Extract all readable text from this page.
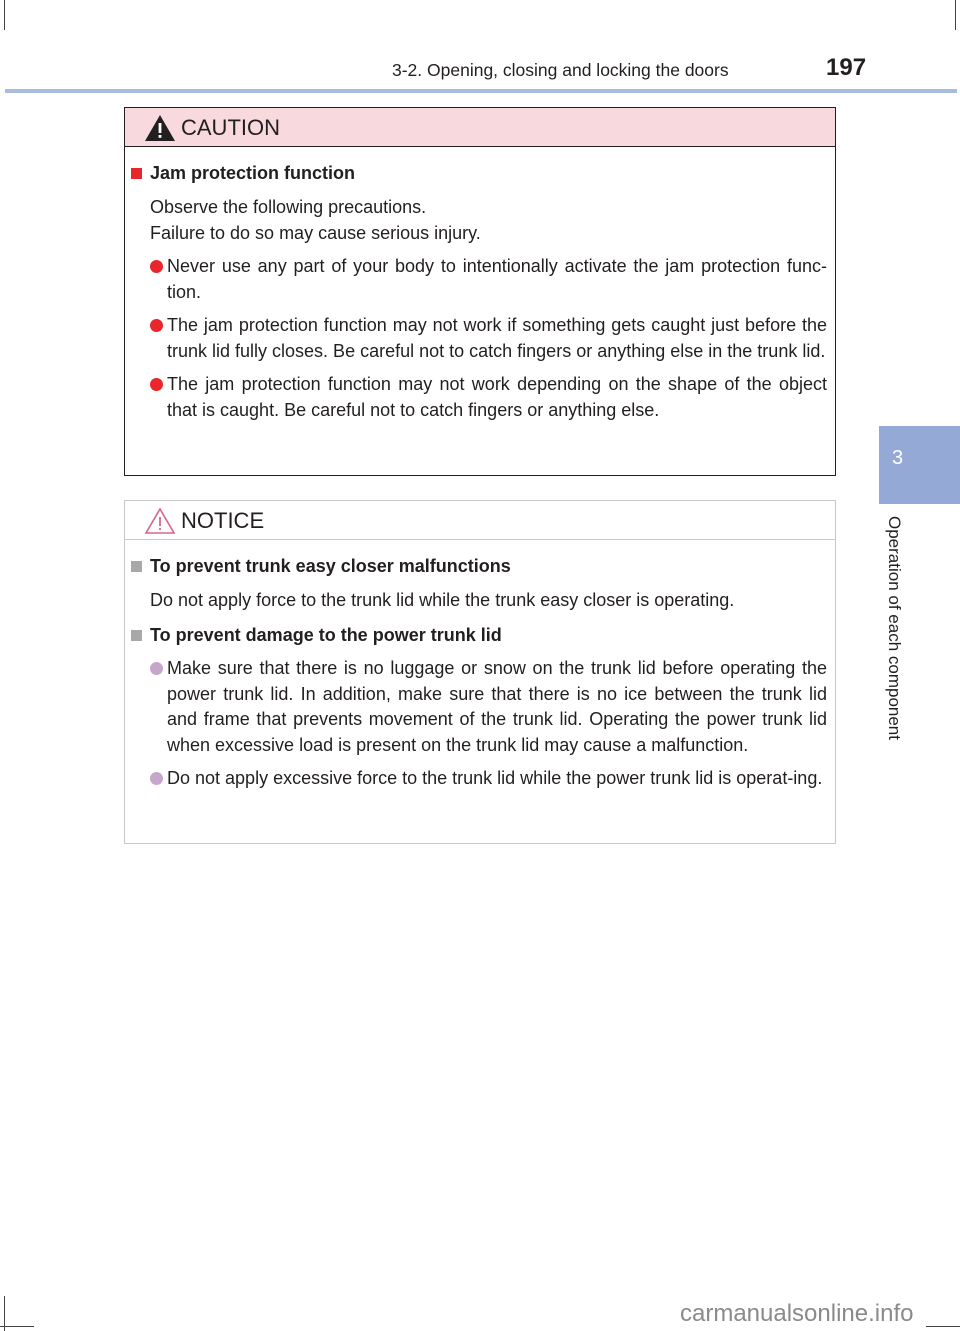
3-2. Opening, closing and locking the doors	197
3
Operation of each component
CAUTION
Jam protection function
Observe the following precautions.
Failure to do so may cause serious injury.
Never use any part of your body to intentionally activate the jam protection func-tion.
The jam protection function may not work if something gets caught just before the trunk lid fully closes. Be careful not to catch fingers or anything else in the trunk lid.
The jam protection function may not work depending on the shape of the object that is caught. Be careful not to catch fingers or anything else.
NOTICE
To prevent trunk easy closer malfunctions
Do not apply force to the trunk lid while the trunk easy closer is operating.
To prevent damage to the power trunk lid
Make sure that there is no luggage or snow on the trunk lid before operating the power trunk lid. In addition, make sure that there is no ice between the trunk lid and frame that prevents movement of the trunk lid. Operating the power trunk lid when excessive load is present on the trunk lid may cause a malfunction.
Do not apply excessive force to the trunk lid while the power trunk lid is operat-ing.
carmanualsonline.info
